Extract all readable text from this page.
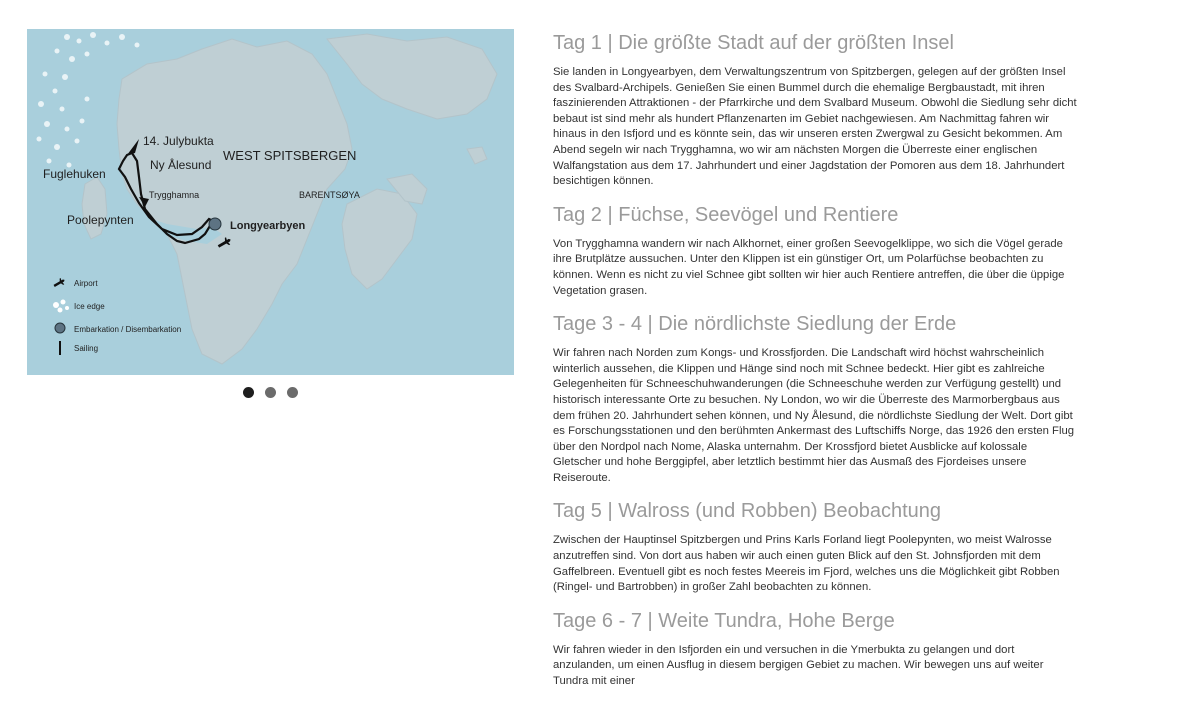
14. Julybukta
Ny Ålesund
Fuglehuken
Trygghamna
Poolepynten	Longyearbyen
WEST SPITSBERGEN
BARENTSØYA
Airport
Ice edge
Embarkation / Disembarkation
Sailing
Tag 1 | Die größte Stadt auf der größten Insel

Sie landen in Longyearbyen, dem Verwaltungszentrum von Spitzbergen, gelegen auf der größten Insel des Svalbard-Archipels. Genießen Sie einen Bummel durch die ehemalige Bergbaustadt, mit ihren faszinierenden Attraktionen - der Pfarrkirche und dem Svalbard Museum. Obwohl die Siedlung sehr dicht bebaut ist sind mehr als hundert Pflanzenarten im Gebiet nachgewiesen. Am Nachmittag fahren wir hinaus in den Isfjord und es könnte sein, das wir unseren ersten Zwergwal zu Gesicht bekommen. Am Abend segeln wir nach Trygghamna, wo wir am nächsten Morgen die Überreste einer englischen Walfangstation aus dem 17. Jahrhundert und einer Jagdstation der Pomoren aus dem 18. Jahrhundert besichtigen können.

Tag 2 | Füchse, Seevögel und Rentiere

Von Trygghamna wandern wir nach Alkhornet, einer großen Seevogelklippe, wo sich die Vögel gerade ihre Brutplätze aussuchen. Unter den Klippen ist ein günstiger Ort, um Polarfüchse beobachten zu können. Wenn es nicht zu viel Schnee gibt sollten wir hier auch Rentiere antreffen, die über die üppige Vegetation grasen.

Tage 3 - 4 | Die nördlichste Siedlung der Erde

Wir fahren nach Norden zum Kongs- und Krossfjorden. Die Landschaft wird höchst wahrscheinlich winterlich aussehen, die Klippen und Hänge sind noch mit Schnee bedeckt. Hier gibt es zahlreiche Gelegenheiten für Schneeschuhwanderungen (die Schneeschuhe werden zur Verfügung gestellt) und historisch interessante Orte zu besuchen. Ny London, wo wir die Überreste des Marmorbergbaus aus dem frühen 20. Jahrhundert sehen können, und Ny Ålesund, die nördlichste Siedlung der Welt. Dort gibt es Forschungsstationen und den berühmten Ankermast des Luftschiffs Norge, das 1926 den ersten Flug über den Nordpol nach Nome, Alaska unternahm. Der Krossfjord bietet Ausblicke auf kolossale Gletscher und hohe Berggipfel, aber letztlich bestimmt hier das Ausmaß des Fjordeises unsere Reiseroute.

Tag 5 | Walross (und Robben) Beobachtung

Zwischen der Hauptinsel Spitzbergen und Prins Karls Forland liegt Poolepynten, wo meist Walrosse anzutreffen sind. Von dort aus haben wir auch einen guten Blick auf den St. Johnsfjorden mit dem Gaffelbreen. Eventuell gibt es noch festes Meereis im Fjord, welches uns die Möglichkeit gibt Robben (Ringel- und Bartrobben) in großer Zahl beobachten zu können.

Tage 6 - 7 | Weite Tundra, Hohe Berge

Wir fahren wieder in den Isfjorden ein und versuchen in die Ymerbukta zu gelangen und dort anzulanden, um einen Ausflug in diesem bergigen Gebiet zu machen. Wir bewegen uns auf weiter Tundra mit einer
